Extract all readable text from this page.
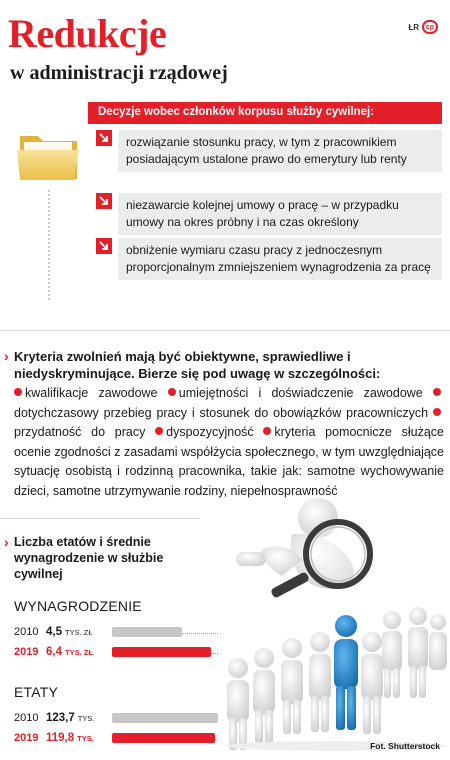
Redukcje
w administracji rządowej
ŁR cp
Decyzje wobec członków korpusu służby cywilnej:
rozwiązanie stosunku pracy, w tym z pracownikiem posiadającym ustalone prawo do emerytury lub renty
niezawarcie kolejnej umowy o pracę – w przypadku umowy na okres próbny i na czas określony
obniżenie wymiaru czasu pracy z jednoczesnym proporcjonalnym zmniejszeniem wynagrodzenia za pracę
› Kryteria zwolnień mają być obiektywne, sprawiedliwe i niedyskryminujące. Bierze się pod uwagę w szczególności:
kwalifikacje zawodowe umiejętności i doświadczenie zawodowe dotychczasowy przebieg pracy i stosunek do obowiązków pracowniczych przydatność do pracy dyspozycyjność kryteria pomocnicze służące ocenie zgodności z zasadami współżycia społecznego, w tym uwzględniające sytuację osobistą i rodzinną pracownika, takie jak: samotne wychowywanie dzieci, samotne utrzymywanie rodziny, niepełnosprawność
› Liczba etatów i średnie wynagrodzenie w służbie cywilnej
WYNAGRODZENIE
2010 4,5 TYS. ZŁ
2019 6,4 TYS. ZŁ
ETATY
2010 123,7 TYS.
2019 119,8 TYS.
Fot. Shutterstock
